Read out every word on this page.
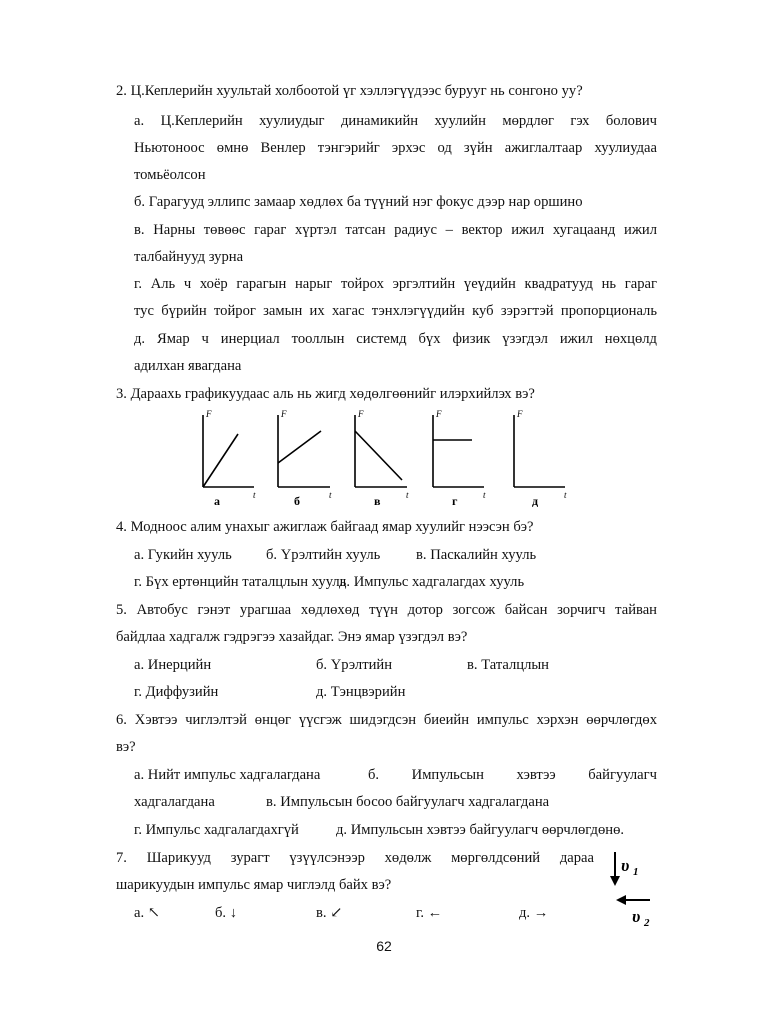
2. Ц.Кеплерийн хуультай холбоотой үг хэллэгүүдээс бурууг нь сонгоно уу?
а. Ц.Кеплерийн хуулиудыг динамикийн хуулийн мөрдлөг гэх болович
Ньютоноос өмнө Венлер тэнгэрийг эрхэс од зүйн ажиглалтаар хуулиудаа
томьёолсон
б. Гарагууд эллипс замаар хөдлөх ба түүний нэг фокус дээр нар оршино
в. Нарны төвөөс гараг хүртэл татсан радиус – вектор ижил хугацаанд ижил
талбайнууд зурна
г. Аль ч хоёр гарагын нарыг тойрох эргэлтийн үеүдийн квадратууд нь гараг
тус бүрийн тойрог замын их хагас тэнхлэгүүдийн куб зэрэгтэй пропорциональ
д. Ямар ч инерциал тооллын системд бүх физик үзэгдэл ижил нөхцөлд
адилхан явагдана
3. Дараахь графикуудаас аль нь жигд хөдөлгөөнийг илэрхийлэх вэ?
F	F	F	F	F
t	t	t	t	t
а	б	в	г	д
4. Модноос алим унахыг ажиглаж байгаад ямар хуулийг нээсэн бэ?
а. Гукийн хууль б. Үрэлтийн хууль в. Паскалийн хууль
г. Бүх ертөнцийн таталцлын хууль
д. Импульс хадгалагдах хууль
5. Автобус гэнэт урагшаа хөдлөхөд түүн дотор зогсож байсан зорчигч тайван
байдлаа хадгалж гэдрэгээ хазайдаг. Энэ ямар үзэгдэл вэ?
а. Инерцийн	б. Үрэлтийн	в. Таталцлын
г. Диффузийн	д. Тэнцвэрийн
6. Хэвтээ чиглэлтэй өнцөг үүсгэж шидэгдсэн биеийн импульс хэрхэн өөрчлөгдөх
вэ?
а. Нийт импульс хадгалагдана	б. Импульсын хэвтээ байгуулагч
хадгалагдана	в. Импульсын босоо байгуулагч хадгалагдана
г. Импульс хадгалагдахгүй	д. Импульсын хэвтээ байгуулагч өөрчлөгдөнө.
7. Шарикууд зурагт үзүүлсэнээр хөдөлж мөргөлдсөний дараа
шарикуудын импульс ямар чиглэлд байх вэ?
а. ↖	б. ↓	в. ↙	г. ←	д. →
υ 1
υ 2
62
